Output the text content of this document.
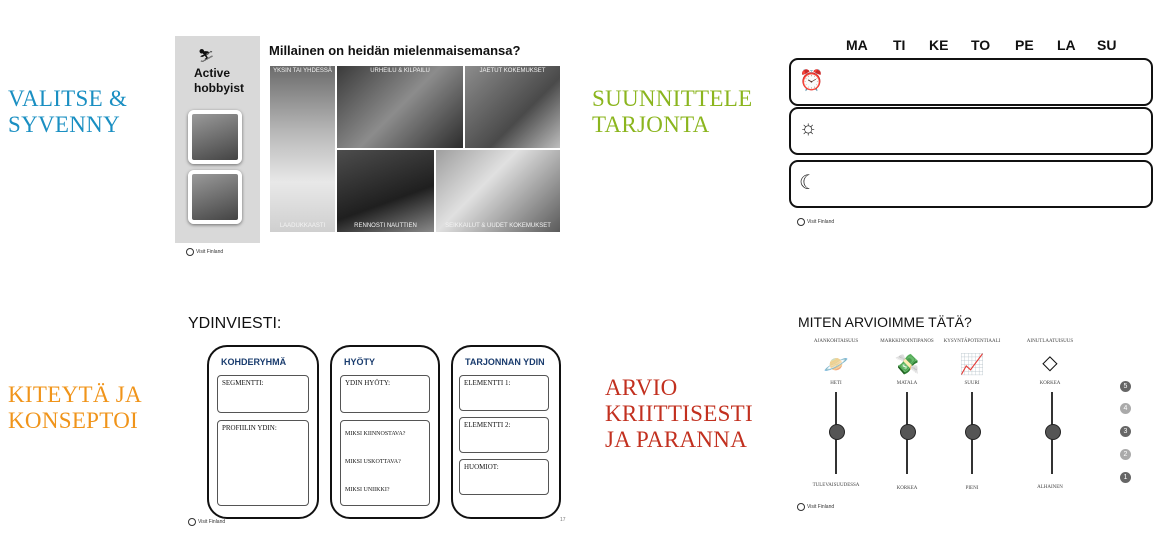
VALITSE & SYVENNY
SUUNNITTELE TARJONTA
KITEYTÄ JA KONSEPTOI
ARVIO KRIITTISESTI JA PARANNA
⛷
Active hobbyist
Visit Finland
Millainen on heidän mielenmaisemansa?
YKSIN TAI YHDESSÄ
LAADUKKAASTI
URHEILU & KILPAILU	JAETUT KOKEMUKSET
RENNOSTI NAUTTIEN	SEIKKAILUT & UUDET KOKEMUKSET
MA TI KE TO PE LA SU
⏰
☼
☾
Visit Finland
YDINVIESTI:
KOHDERYHMÄ
SEGMENTTI:
PROFIILIN YDIN:
HYÖTY
YDIN HYÖTY:
MIKSI KIINNOSTAVA?
MIKSI USKOTTAVA?
MIKSI UNIIKKI?
TARJONNAN YDIN
ELEMENTTI 1:
ELEMENTTI 2:
HUOMIOT:
Visit Finland	17
MITEN ARVIOIMME TÄTÄ?
AJANKOHTAISUUS
🪐
HETI
TULEVAISUUDESSA
MARKKINOINTIPANOS
💸
MATALA
KORKEA
KYSYNTÄPOTENTIAALI
📈
SUURI
PIENI
AINUTLAATUISUUS
◇
KORKEA
ALHAINEN
5
4
3
2
1
Visit Finland
